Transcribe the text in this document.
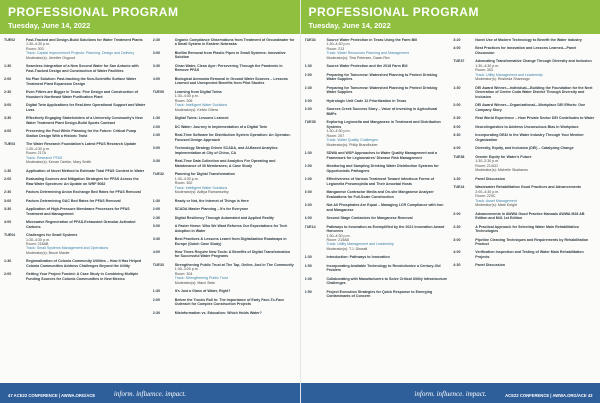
PROFESSIONAL PROGRAM
Tuesday, June 14, 2022
TUE02	Fast-Tracked and Design-Build Solutions for Water Treatment Plants
1:30–4:30 p.m.
Room: 303
Track: Capital Improvement Projects: Planning, Design and Delivery
Moderator(s): Jennifer Osgood
1:30	Seamless Integration of a New Second Water for San Antonio with Fast-Tracked Design and Construction of Water Facilities
2:00	No Plan Solution: Fast-tracking the Non-Scientific Surface Water Treatment Plant Expansion Design
2:30	Even Filters are Bigger in Texas: Fine Design and Construction of Houston's Northeast Water Purification Plant
3:00	Digital Twin Applications for Real-time Operational Support and Water Loss
3:30	Effectively Engaging Stakeholders of a University Community's New Water Treatment Plant Design-Build Sports Contract
4:00	Preserving the Pool While Planning for the Future: Critical Pump Station Design With a Historic Twist
TUE03	The Water Research Foundation's Latest PFAS Research Update
1:30–4:30 p.m.
Room: 217A
Track: Research PFAS
Moderator(s): Kenan Ozekin, Mary Smith
1:30	Application of Novel Method to Estimate Total PFAS Content in Water
2:00	Evaluating Sources and Mitigation Strategies for PFAS Across the Raw Water Spectrum: An Update on WRF 5082
2:30	Factors Determining Anion Exchange Bed Rates for PFAS Removal
3:00	Factors Determining GAC Bed Rates for PFAS Removal
3:30	Application of High-Pressure Membrane Processes for PFAS Treatment and Management
4:00	Microwave Regeneration of PFAS-Exhausted Granular Activated Carbons
TUE04	Challenges for Small Systems
1:30–4:30 p.m.
Room: 216AB
Track: Small Systems Management and Operations
Moderator(s): Bruce Macler
1:30	Regionalization of Colonia Community Utilities – How It Has Helped Colonia Communities Address Challenges Beyond the Utility
2:00	Getting Your Project Funded: A Case Study in Combining Multiple Funding Sources for Colonia Communities in New Mexico
2:30	Organic Compliance Observations from Treatment of Groundwater for a Small System in Eastern Nebraska
3:00	Biofilm Removal from Plastic Pipes in Small Systems: Innovative Solution
3:30	Clean Water, Clean Ayer: Persevering Through the Pandemic in Remove PFAS
4:00	Biological Ammonia Removal in Ground Water Sources – Lessons Learned and Unexpected Benefits from Pilot Studies
TUE05	Learning from Digital Twins
1:30–4:30 p.m.
Room: 206
Track: Intelligent Water Solutions
Moderator(s): Kelvin Gitera
1:30	Digital Twins: Lessons Learned
2:00	DC Water: Journey in Implementation of a Digital Twin
2:30	Real-Time Software for Distribution System Operation: An Operator-Focused Design Approach
3:00	Technology Strategy Driven SCADA, and AI-Based Analytics Implementation at City of Chino, CA
3:30	Real-Time Data Collection and Analytics For Operating and Maintenance of 30 Membranes; A Case Study
TUE32	Planning for Digital Transformation
1:30–4:30 p.m.
Room: 302
Track: Intelligent Water Solutions
Moderator(s): Aditya Ramamurthy
1:30	Ready or Not, the Internet of Things is Here
2:00	SCADA Master Planning – It's for Everyone
2:30	Digital Resiliency Through Automated and Applied Reality
3:00	A Faster Horse: Who We Want Reforms Our Expectations for Tech Adoption in Water
3:30	Best Practices & Lessons Learnt from Digitalization Roadmaps in Europe (Dutch Case Study)
4:00	How Times Require New Tools: A Benefits of Digital Transformation for Successful Water Programs
TUE33	Strengthening Public Trust at The Tap, Online, And in The Community
1:30–3:00 p.m.
Room: 304
Track: Strengthening Public Trust
Moderator(s): Marci Stein
1:30	It's Just a Glass of Water, Right?
2:00	Before the Trucks Roll In: The Importance of Early Face-To-Face Outreach for Complex Construction Projects
2:30	Misinformation vs. Education: Which Holds Water?
47 ACE22 CONFERENCE | AWWA.ORG/ACE	inform. influence. impact.
PROFESSIONAL PROGRAM
Tuesday, June 14, 2022
TUE34	Source Water Protection in Texas Using the Farm Bill
1:30–4:30 p.m.
Room: 213
Track: Water Resources Planning and Management
Moderator(s): Tina Petersen, Dawn Rex
1:30	Source Water Protection and the 2018 Farm Bill
2:00	Preparing for Tomorrow: Watershed Planning to Protect Drinking Water Supplies
2:30	Preparing for Tomorrow: Watershed Planning to Protect Drinking Water Supplies
3:00	Hydrologic Unit Code 12 Prioritization in Texas
3:30	Sources Creek Success Story – Value of Investing in Agricultural BMPs
TUE35	Exploring Legionella and Manganese in Treatment and Distribution Systems
1:30–4:30 p.m.
Room: 207
Track: Water Quality Challenges
Moderator(s): Philip Brandhuber
1:30	SDWA and WSP Approaches to Water Quality Management and a Framework for Legionnaires' Disease Risk Management
2:00	Monitoring and Sampling Drinking Water Distribution Systems for Opportunistic Pathogens
2:30	Effectiveness of Various Treatment Toward Infectious Forms of Legionella Pneumophila and Their Amoebal Hosts
3:00	Manganese Contractor Media and On-site Manganese Analyzer Evaluations for Full-Scale Construction
3:30	Not All Phosphates Are Equal – Managing LCR Compliance with Iron and Manganese
4:00	Second Stage Contactors for Manganese Removal
TUE14	Pathways to Innovation as Exemplified by the 2021 Innovation Award Honorees
1:30–4:30 p.m.
Room: 215AB
Track: Utility Management and Leadership
Moderator(s): T.J. Dinwall
1:30	Introduction: Pathways to Innovation
1:50	Incorporating Available Technology to Revolutionize a Century-Old Problem
2:30	Collaborating with Manufacturers to Solve Critical Utility Infrastructure Challenges
2:50	Project Execution Strategies for Quick Response to Emerging Contaminants of Concern
3:20	Novel Use of Modern Technology to Benefit the Water Industry
4:00	Best Practices for Innovation and Lessons Learned—Panel Discussion
TUE37	Advocating Transformative Change Through Diversity and Inclusion
1:30–4:30 p.m.
Room: 303
Track: Utility Management and Leadership
Moderator(s): Rosheda Shannogo
1:30	DEI Award Winner—Individual—Building the Foundation for the Next Generation of Centre Coda Water District Through Diversity and Inclusion
2:00	DEI Award Winner—Organizational—Workplace DEI Efforts: One Company Story
2:30	Real World Experience – How Private Sector DEI Contributes to Water
3:00	Neurolinguistics to Address Unconscious Bias in Workplace
3:30	Incorporating DE&I in the Water Industry Through Your Member Organization
4:00	Diversity, Equity, and Inclusion (DEI) – Catalyzing Change
TUE38	Gender Equity for Water's Future
1:30–2:30 p.m.
Room: 214CD
Moderator(s): Michelle Skarlanes
1:30	Panel Discussion
TUE24	Wastewater Rehabilitation Good Practices and Advancements
2:00–4:30 p.m.
Room: 229C
Track: Asset Management
Moderator(s): Mark Knight
2:00	Advancements in AWWA Good Practice Manuals AWWA M28 AB Edition and M41 1st Edition
2:30	A Practical Approach for Selecting Water Main Rehabilitation Technologies
3:00	Pipeline Cleaning Techniques and Requirements by Rehabilitation Product
4:00	Verification Inspection and Testing of Water Main Rehabilitation Projects
4:30	Panel Discussion
ACE22 CONFERENCE | AWWA.ORG/ACE 43
inform. influence. impact.
